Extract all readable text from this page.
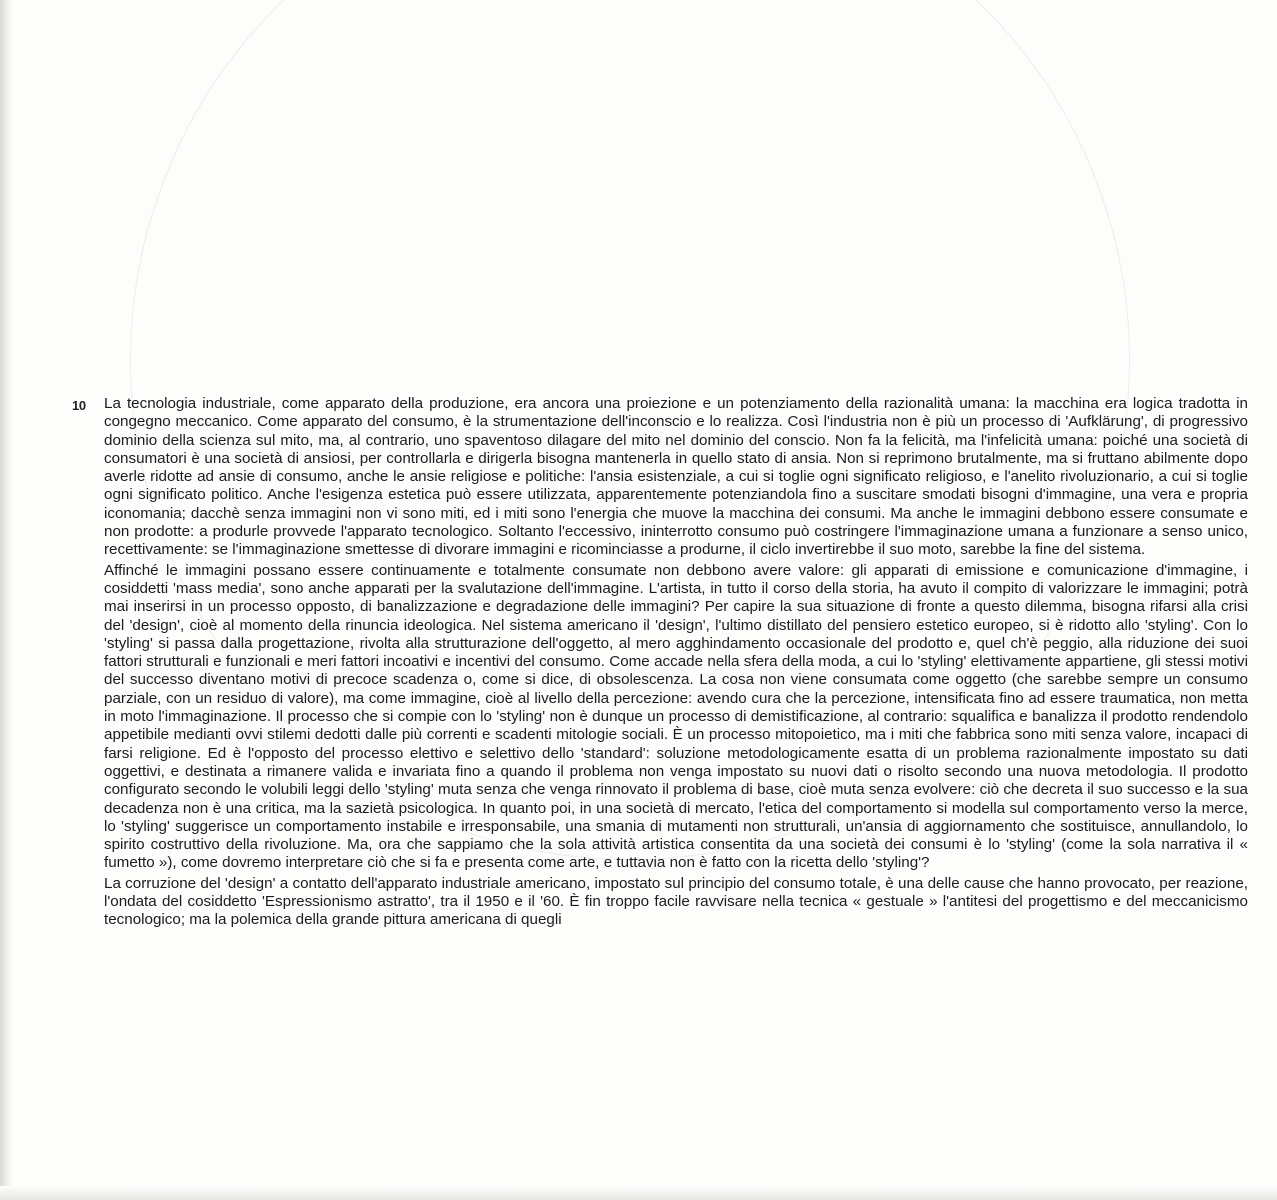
10 La tecnologia industriale, come apparato della produzione, era ancora una proiezione e un potenziamento della razionalità umana: la macchina era logica tradotta in congegno meccanico. Come apparato del consumo, è la strumentazione dell'inconscio e lo realizza. Così l'industria non è più un processo di 'Aufklärung', di progressivo dominio della scienza sul mito, ma, al contrario, uno spaventoso dilagare del mito nel dominio del conscio. Non fa la felicità, ma l'infelicità umana: poiché una società di consumatori è una società di ansiosi, per controllarla e dirigerla bisogna mantenerla in quello stato di ansia. Non si reprimono brutalmente, ma si fruttano abilmente dopo averle ridotte ad ansie di consumo, anche le ansie religiose e politiche: l'ansia esistenziale, a cui si toglie ogni significato religioso, e l'anelito rivoluzionario, a cui si toglie ogni significato politico. Anche l'esigenza estetica può essere utilizzata, apparentemente potenziandola fino a suscitare smodati bisogni d'immagine, una vera e propria iconomania; dacchè senza immagini non vi sono miti, ed i miti sono l'energia che muove la macchina dei consumi. Ma anche le immagini debbono essere consumate e non prodotte: a produrle provvede l'apparato tecnologico. Soltanto l'eccessivo, ininterrotto consumo può costringere l'immaginazione umana a funzionare a senso unico, recettivamente: se l'immaginazione smettesse di divorare immagini e ricominciasse a produrne, il ciclo invertirebbe il suo moto, sarebbe la fine del sistema.

Affinché le immagini possano essere continuamente e totalmente consumate non debbono avere valore: gli apparati di emissione e comunicazione d'immagine, i cosiddetti 'mass media', sono anche apparati per la svalutazione dell'immagine. L'artista, in tutto il corso della storia, ha avuto il compito di valorizzare le immagini; potrà mai inserirsi in un processo opposto, di banalizzazione e degradazione delle immagini? Per capire la sua situazione di fronte a questo dilemma, bisogna rifarsi alla crisi del 'design', cioè al momento della rinuncia ideologica. Nel sistema americano il 'design', l'ultimo distillato del pensiero estetico europeo, si è ridotto allo 'styling'. Con lo 'styling' si passa dalla progettazione, rivolta alla strutturazione dell'oggetto, al mero agghindamento occasionale del prodotto e, quel ch'è peggio, alla riduzione dei suoi fattori strutturali e funzionali e meri fattori incoativi e incentivi del consumo. Come accade nella sfera della moda, a cui lo 'styling' elettivamente appartiene, gli stessi motivi del successo diventano motivi di precoce scadenza o, come si dice, di obsolescenza. La cosa non viene consumata come oggetto (che sarebbe sempre un consumo parziale, con un residuo di valore), ma come immagine, cioè al livello della percezione: avendo cura che la percezione, intensificata fino ad essere traumatica, non metta in moto l'immaginazione. Il processo che si compie con lo 'styling' non è dunque un processo di demistificazione, al contrario: squalifica e banalizza il prodotto rendendolo appetibile medianti ovvi stilemi dedotti dalle più correnti e scadenti mitologie sociali. È un processo mitopoietico, ma i miti che fabbrica sono miti senza valore, incapaci di farsi religione. Ed è l'opposto del processo elettivo e selettivo dello 'standard': soluzione metodologicamente esatta di un problema razionalmente impostato su dati oggettivi, e destinata a rimanere valida e invariata fino a quando il problema non venga impostato su nuovi dati o risolto secondo una nuova metodologia. Il prodotto configurato secondo le volubili leggi dello 'styling' muta senza che venga rinnovato il problema di base, cioè muta senza evolvere: ciò che decreta il suo successo e la sua decadenza non è una critica, ma la sazietà psicologica. In quanto poi, in una società di mercato, l'etica del comportamento si modella sul comportamento verso la merce, lo 'styling' suggerisce un comportamento instabile e irresponsabile, una smania di mutamenti non strutturali, un'ansia di aggiornamento che sostituisce, annullandolo, lo spirito costruttivo della rivoluzione. Ma, ora che sappiamo che la sola attività artistica consentita da una società dei consumi è lo 'styling' (come la sola narrativa il « fumetto »), come dovremo interpretare ciò che si fa e presenta come arte, e tuttavia non è fatto con la ricetta dello 'styling'?

La corruzione del 'design' a contatto dell'apparato industriale americano, impostato sul principio del consumo totale, è una delle cause che hanno provocato, per reazione, l'ondata del cosiddetto 'Espressionismo astratto', tra il 1950 e il '60. È fin troppo facile ravvisare nella tecnica « gestuale » l'antitesi del progettismo e del meccanicismo tecnologico; ma la polemica della grande pittura americana di quegli
